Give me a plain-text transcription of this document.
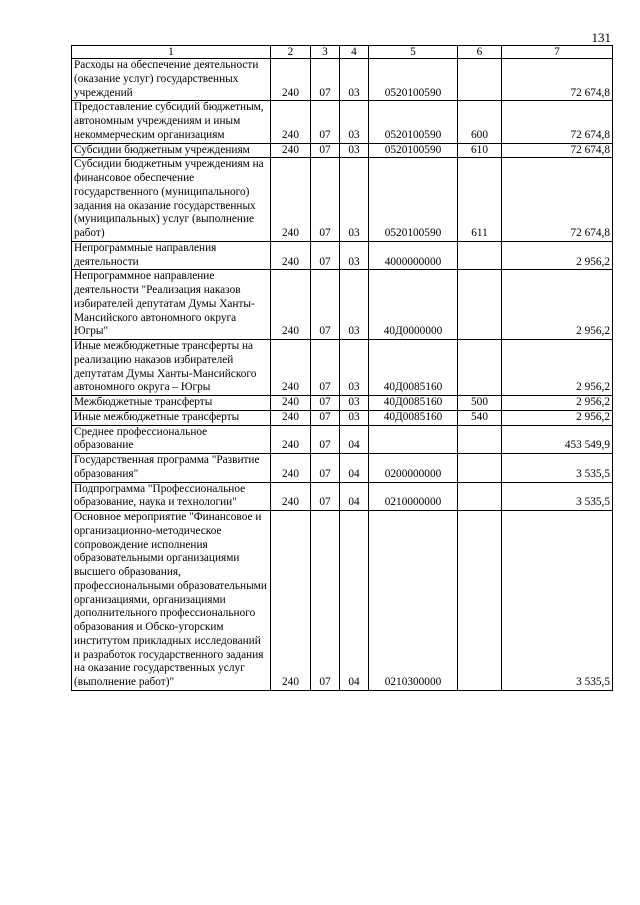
131
1	2	3	4	5	6	7
Расходы на обеспечение деятельности (оказание услуг) государственных учреждений	240	07	03	0520100590		72 674,8
Предоставление субсидий бюджетным, автономным учреждениям и иным некоммерческим организациям	240	07	03	0520100590	600	72 674,8
Субсидии бюджетным учреждениям	240	07	03	0520100590	610	72 674,8
Субсидии бюджетным учреждениям на финансовое обеспечение государственного (муниципального) задания на оказание государственных (муниципальных) услуг (выполнение работ)	240	07	03	0520100590	611	72 674,8
Непрограммные направления деятельности	240	07	03	4000000000		2 956,2
Непрограммное направление деятельности "Реализация наказов избирателей депутатам Думы Ханты-Мансийского автономного округа Югры"	240	07	03	40Д0000000		2 956,2
Иные межбюджетные трансферты на реализацию наказов избирателей депутатам Думы Ханты-Мансийского автономного округа – Югры	240	07	03	40Д0085160		2 956,2
Межбюджетные трансферты	240	07	03	40Д0085160	500	2 956,2
Иные межбюджетные трансферты	240	07	03	40Д0085160	540	2 956,2
Среднее профессиональное образование	240	07	04			453 549,9
Государственная программа "Развитие образования"	240	07	04	0200000000		3 535,5
Подпрограмма "Профессиональное образование, наука и технологии"	240	07	04	0210000000		3 535,5
Основное мероприятие "Финансовое и организационно-методическое сопровождение исполнения образовательными организациями высшего образования, профессиональными образовательными организациями, организациями дополнительного профессионального образования и Обско-угорским институтом прикладных исследований и разработок государственного задания на оказание государственных услуг (выполнение работ)"	240	07	04	0210300000		3 535,5
